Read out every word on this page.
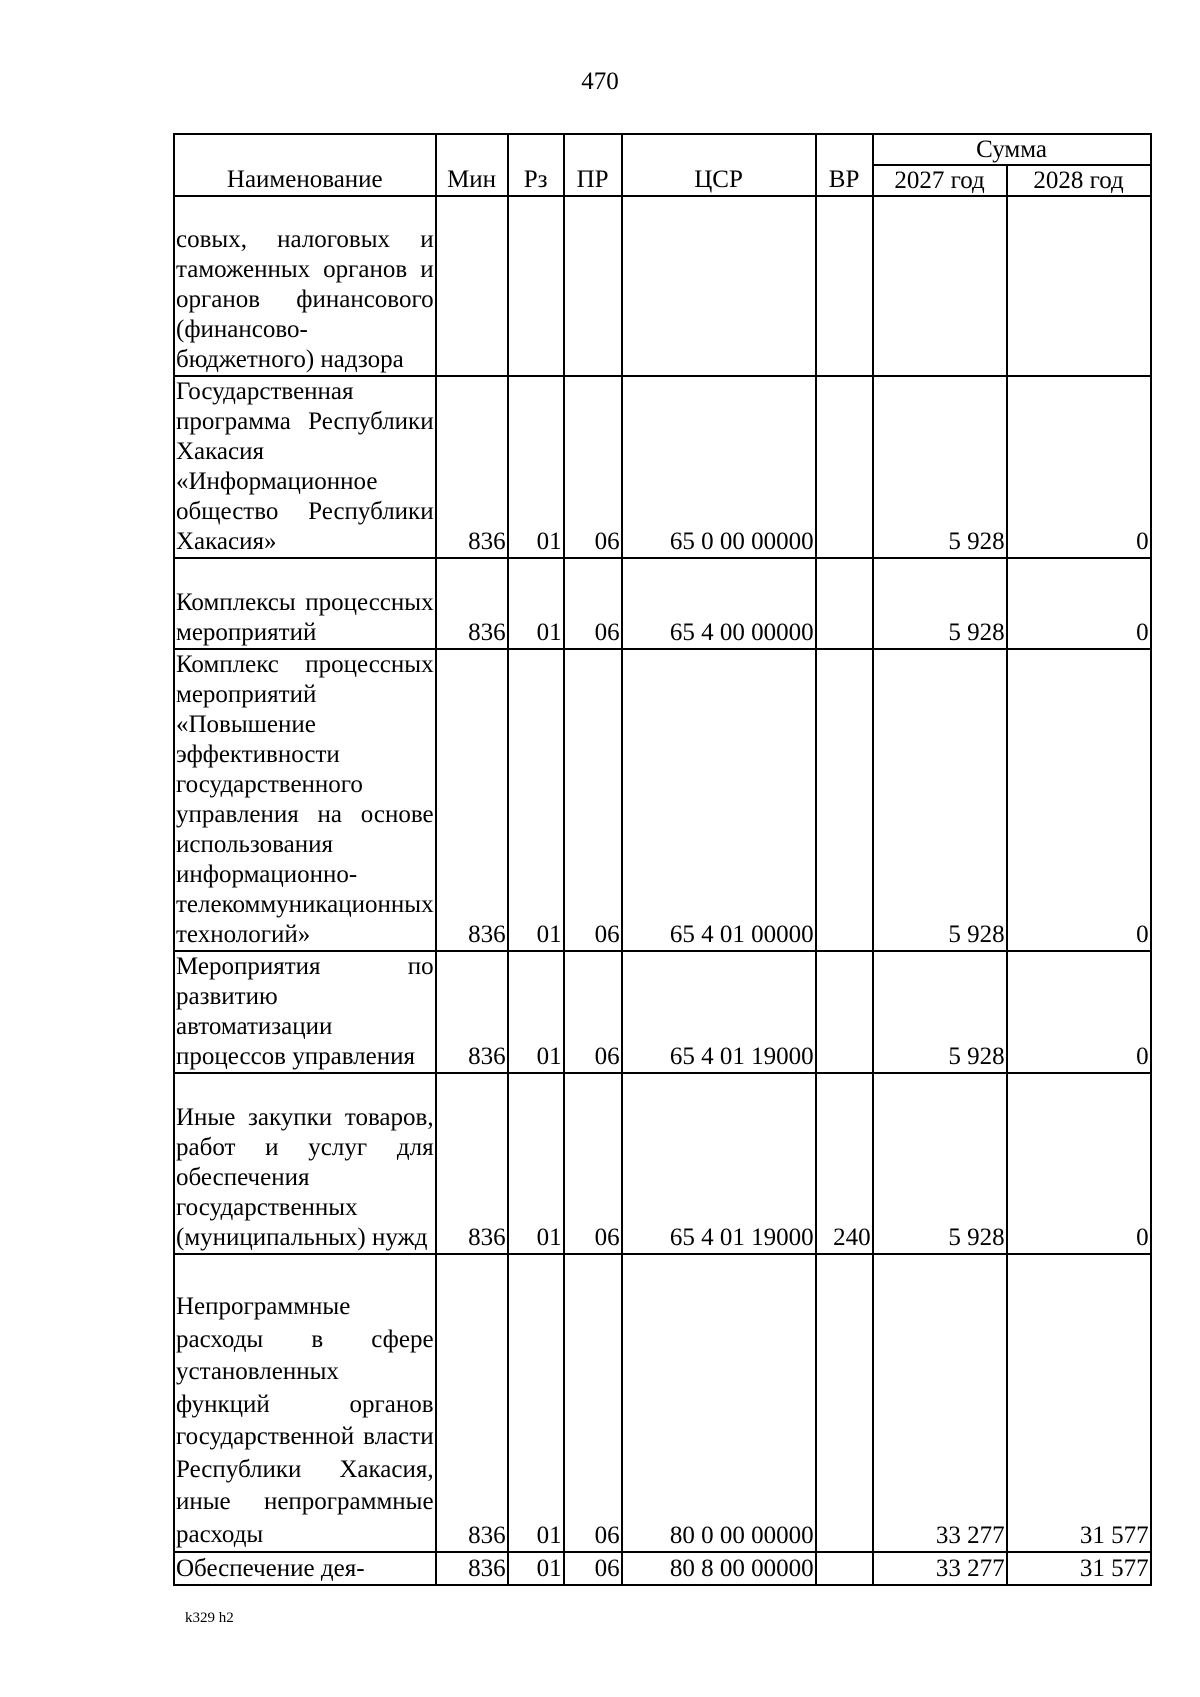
470
Наименование	Мин	Рз	ПР	ЦСР	ВР	Сумма	
						2027 год	2028 год
совых, налоговых и таможенных органов и органов финансового (финансово-бюджетного) надзора							
Государственная программа Республики Хакасия «Информационное общество Республики Хакасия»	836	01	06	65 0 00 00000		5 928	0
Комплексы процессных мероприятий	836	01	06	65 4 00 00000		5 928	0
Комплекс процессных мероприятий «Повышение эффективности государственного управления на основе использования информационно-телекоммуникационных технологий»	836	01	06	65 4 01 00000		5 928	0
Мероприятия по развитию автоматизации процессов управления	836	01	06	65 4 01 19000		5 928	0
Иные закупки товаров, работ и услуг для обеспечения государственных (муниципальных) нужд	836	01	06	65 4 01 19000	240	5 928	0
Непрограммные расходы в сфере установленных функций органов государственной власти Республики Хакасия, иные непрограммные расходы	836	01	06	80 0 00 00000		33 277	31 577
Обеспечение дея-	836	01	06	80 8 00 00000		33 277	31 577
k329 h2
